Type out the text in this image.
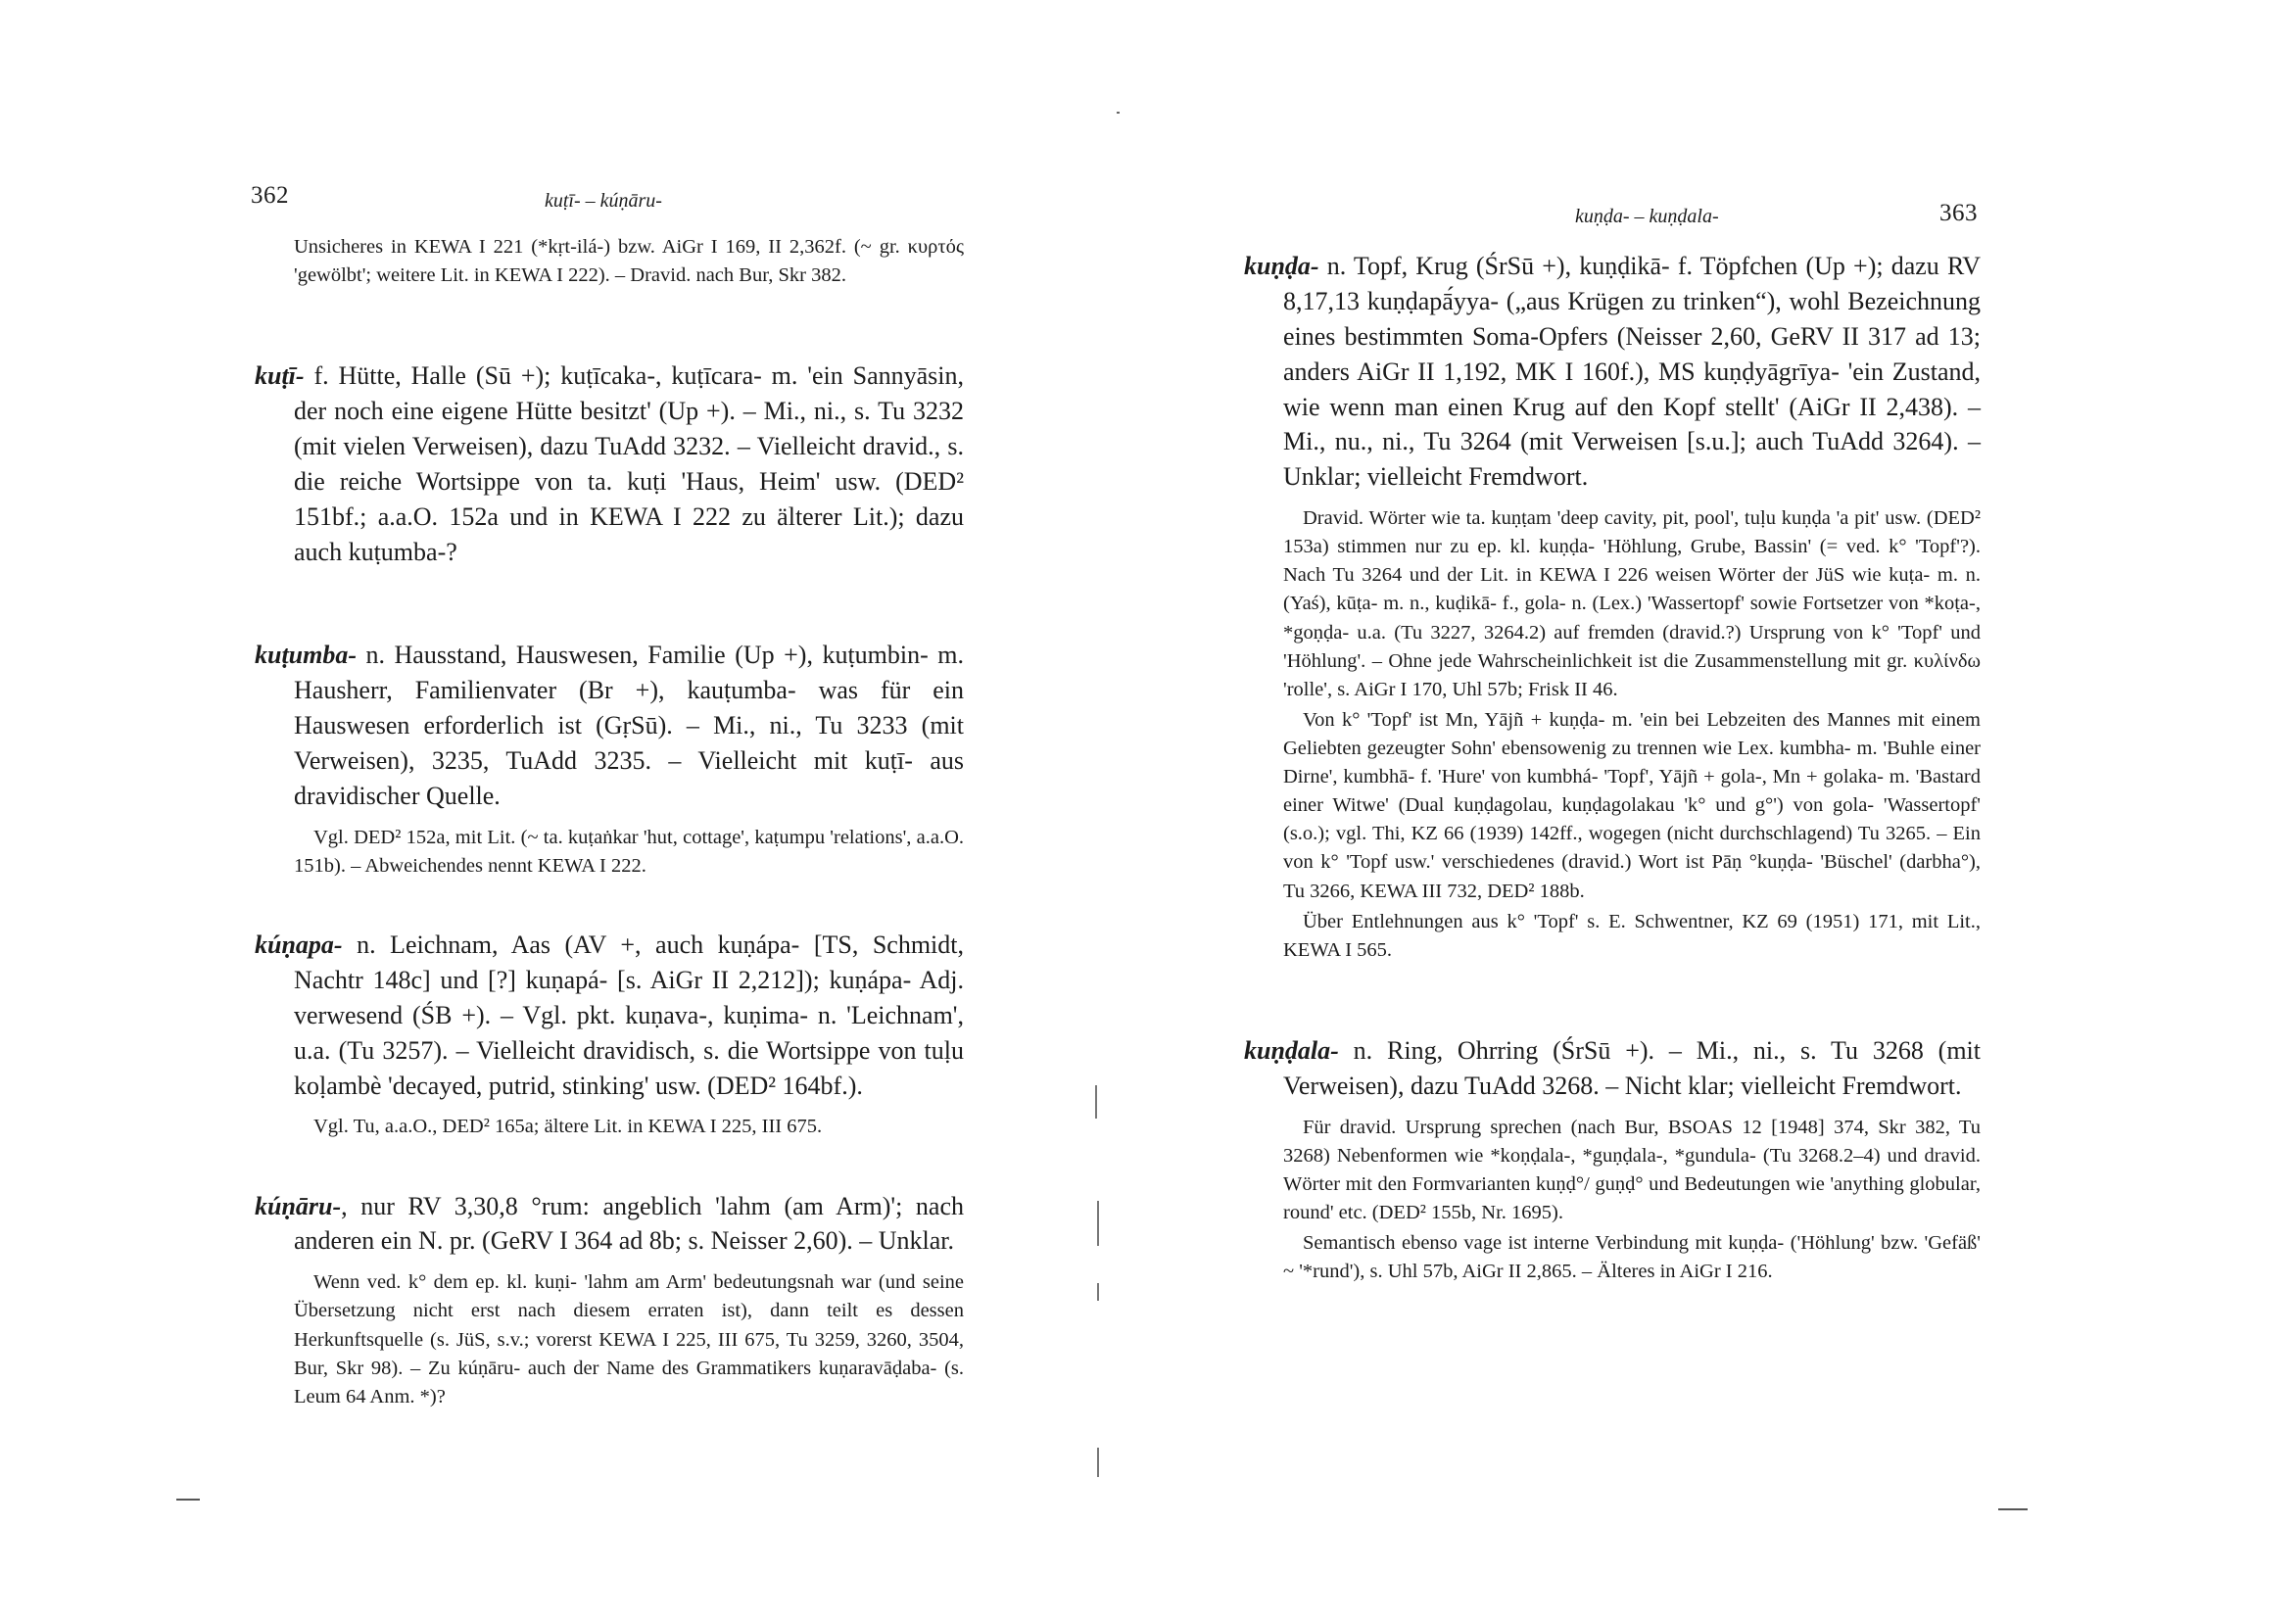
362	kuṭī- – kúṇāru-

Unsicheres in KEWA I 221 (*kṛt-ilá-) bzw. AiGr I 169, II 2,362f. (~ gr. κυρτός 'gewölbt'; weitere Lit. in KEWA I 222). – Dravid. nach Bur, Skr 382.

kuṭī- f. Hütte, Halle (Sū +); kuṭīcaka-, kuṭīcara- m. 'ein Sannyāsin, der noch eine eigene Hütte besitzt' (Up +). – Mi., ni., s. Tu 3232 (mit vielen Verweisen), dazu TuAdd 3232. – Vielleicht dravid., s. die reiche Wortsippe von ta. kuṭi 'Haus, Heim' usw. (DED² 151bf.; a.a.O. 152a und in KEWA I 222 zu älterer Lit.); dazu auch kuṭumba-?

kuṭumba- n. Hausstand, Hauswesen, Familie (Up +), kuṭumbin- m. Hausherr, Familienvater (Br +), kauṭumba- was für ein Hauswesen erforderlich ist (GṛSū). – Mi., ni., Tu 3233 (mit Verweisen), 3235, TuAdd 3235. – Vielleicht mit kuṭī- aus dravidischer Quelle.

Vgl. DED² 152a, mit Lit. (~ ta. kuṭaṅkar 'hut, cottage', kaṭumpu 'relations', a.a.O. 151b). – Abweichendes nennt KEWA I 222.

kúṇapa- n. Leichnam, Aas (AV +, auch kuṇápa- [TS, Schmidt, Nachtr 148c] und [?] kuṇapá- [s. AiGr II 2,212]); kuṇápa- Adj. verwesend (ŚB +). – Vgl. pkt. kuṇava-, kuṇima- n. 'Leichnam', u.a. (Tu 3257). – Vielleicht dravidisch, s. die Wortsippe von tuḷu koḷambè 'decayed, putrid, stinking' usw. (DED² 164bf.).

Vgl. Tu, a.a.O., DED² 165a; ältere Lit. in KEWA I 225, III 675.

kúṇāru-, nur RV 3,30,8 °rum: angeblich 'lahm (am Arm)'; nach anderen ein N. pr. (GeRV I 364 ad 8b; s. Neisser 2,60). – Unklar.

Wenn ved. k° dem ep. kl. kuṇi- 'lahm am Arm' bedeutungsnah war (und seine Übersetzung nicht erst nach diesem erraten ist), dann teilt es dessen Herkunftsquelle (s. JüS, s.v.; vorerst KEWA I 225, III 675, Tu 3259, 3260, 3504, Bur, Skr 98). – Zu kúṇāru- auch der Name des Grammatikers kuṇaravāḍaba- (s. Leum 64 Anm. *)?

kuṇḍa- – kuṇḍala-	363

kuṇḍa- n. Topf, Krug (ŚrSū +), kuṇḍikā- f. Töpfchen (Up +); dazu RV 8,17,13 kuṇḍapā́yya- („aus Krügen zu trinken“), wohl Bezeichnung eines bestimmten Soma-Opfers (Neisser 2,60, GeRV II 317 ad 13; anders AiGr II 1,192, MK I 160f.), MS kuṇḍyāgrīya- 'ein Zustand, wie wenn man einen Krug auf den Kopf stellt' (AiGr II 2,438). – Mi., nu., ni., Tu 3264 (mit Verweisen [s.u.]; auch TuAdd 3264). – Unklar; vielleicht Fremdwort.

Dravid. Wörter wie ta. kuṇṭam 'deep cavity, pit, pool', tuḷu kuṇḍa 'a pit' usw. (DED² 153a) stimmen nur zu ep. kl. kuṇḍa- 'Höhlung, Grube, Bassin' (= ved. k° 'Topf'?). Nach Tu 3264 und der Lit. in KEWA I 226 weisen Wörter der JüS wie kuṭa- m. n. (Yaś), kūṭa- m. n., kuḍikā- f., gola- n. (Lex.) 'Wassertopf' sowie Fortsetzer von *koṭa-, *goṇḍa- u.a. (Tu 3227, 3264.2) auf fremden (dravid.?) Ursprung von k° 'Topf' und 'Höhlung'. – Ohne jede Wahrscheinlichkeit ist die Zusammenstellung mit gr. κυλίνδω 'rolle', s. AiGr I 170, Uhl 57b; Frisk II 46.

Von k° 'Topf' ist Mn, Yājñ + kuṇḍa- m. 'ein bei Lebzeiten des Mannes mit einem Geliebten gezeugter Sohn' ebensowenig zu trennen wie Lex. kumbha- m. 'Buhle einer Dirne', kumbhā- f. 'Hure' von kumbhá- 'Topf', Yājñ + gola-, Mn + golaka- m. 'Bastard einer Witwe' (Dual kuṇḍagolau, kuṇḍagolakau 'k° und g°') von gola- 'Wassertopf' (s.o.); vgl. Thi, KZ 66 (1939) 142ff., wogegen (nicht durchschlagend) Tu 3265. – Ein von k° 'Topf usw.' verschiedenes (dravid.) Wort ist Pāṇ °kuṇḍa- 'Büschel' (darbha°), Tu 3266, KEWA III 732, DED² 188b.

Über Entlehnungen aus k° 'Topf' s. E. Schwentner, KZ 69 (1951) 171, mit Lit., KEWA I 565.

kuṇḍala- n. Ring, Ohrring (ŚrSū +). – Mi., ni., s. Tu 3268 (mit Verweisen), dazu TuAdd 3268. – Nicht klar; vielleicht Fremdwort.

Für dravid. Ursprung sprechen (nach Bur, BSOAS 12 [1948] 374, Skr 382, Tu 3268) Nebenformen wie *koṇḍala-, *guṇḍala-, *gundula- (Tu 3268.2–4) und dravid. Wörter mit den Formvarianten kuṇḍ°/ guṇḍ° und Bedeutungen wie 'anything globular, round' etc. (DED² 155b, Nr. 1695).

Semantisch ebenso vage ist interne Verbindung mit kuṇḍa- ('Höhlung' bzw. 'Gefäß' ~ '*rund'), s. Uhl 57b, AiGr II 2,865. – Älteres in AiGr I 216.
